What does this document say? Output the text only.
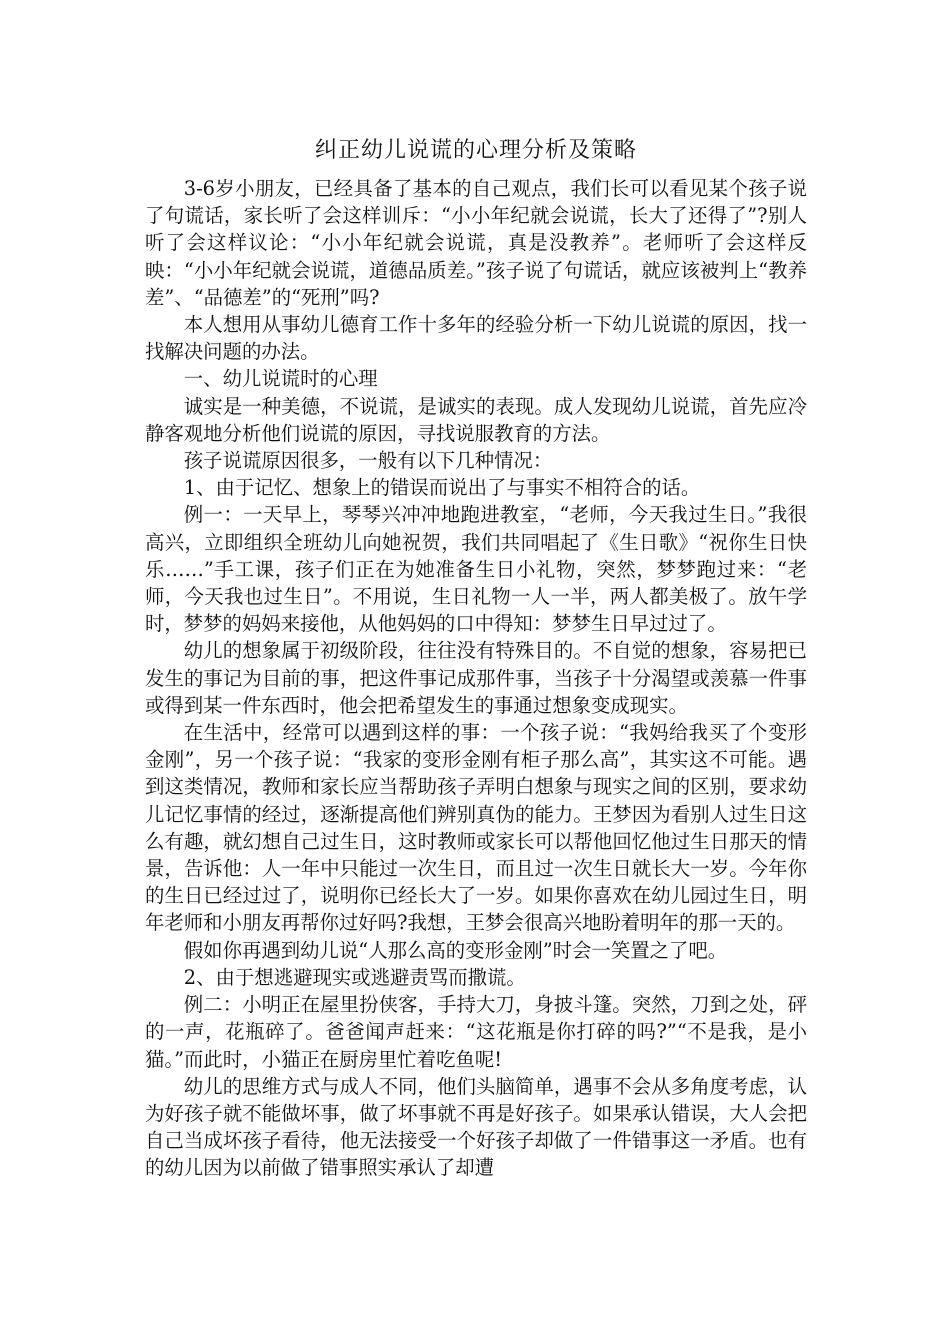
纠正幼儿说谎的心理分析及策略

3-6岁小朋友，已经具备了基本的自己观点，我们长可以看见某个孩子说了句谎话，家长听了会这样训斥：“小小年纪就会说谎，长大了还得了”?别人听了会这样议论：“小小年纪就会说谎，真是没教养”。老师听了会这样反映：“小小年纪就会说谎，道德品质差。”孩子说了句谎话，就应该被判上“教养差”、“品德差”的“死刑”吗?

本人想用从事幼儿德育工作十多年的经验分析一下幼儿说谎的原因，找一找解决问题的办法。

一、幼儿说谎时的心理

诚实是一种美德，不说谎，是诚实的表现。成人发现幼儿说谎，首先应冷静客观地分析他们说谎的原因，寻找说服教育的方法。

孩子说谎原因很多，一般有以下几种情况：

1、由于记忆、想象上的错误而说出了与事实不相符合的话。

例一：一天早上，琴琴兴冲冲地跑进教室，“老师，今天我过生日。”我很高兴，立即组织全班幼儿向她祝贺，我们共同唱起了《生日歌》“祝你生日快乐……”手工课，孩子们正在为她准备生日小礼物，突然，梦梦跑过来：“老师，今天我也过生日”。不用说，生日礼物一人一半，两人都美极了。放午学时，梦梦的妈妈来接他，从他妈妈的口中得知：梦梦生日早过过了。

幼儿的想象属于初级阶段，往往没有特殊目的。不自觉的想象，容易把已发生的事记为目前的事，把这件事记成那件事，当孩子十分渴望或羡慕一件事或得到某一件东西时，他会把希望发生的事通过想象变成现实。

在生活中，经常可以遇到这样的事：一个孩子说：“我妈给我买了个变形金刚”，另一个孩子说：“我家的变形金刚有柜子那么高”，其实这不可能。遇到这类情况，教师和家长应当帮助孩子弄明白想象与现实之间的区别，要求幼儿记忆事情的经过，逐渐提高他们辨别真伪的能力。王梦因为看别人过生日这么有趣，就幻想自己过生日，这时教师或家长可以帮他回忆他过生日那天的情景，告诉他：人一年中只能过一次生日，而且过一次生日就长大一岁。今年你的生日已经过过了，说明你已经长大了一岁。如果你喜欢在幼儿园过生日，明年老师和小朋友再帮你过好吗?我想，王梦会很高兴地盼着明年的那一天的。

假如你再遇到幼儿说“人那么高的变形金刚”时会一笑置之了吧。

2、由于想逃避现实或逃避责骂而撒谎。

例二：小明正在屋里扮侠客，手持大刀，身披斗篷。突然，刀到之处，砰的一声，花瓶碎了。爸爸闻声赶来：“这花瓶是你打碎的吗?”“不是我，是小猫。”而此时，小猫正在厨房里忙着吃鱼呢!

幼儿的思维方式与成人不同，他们头脑简单，遇事不会从多角度考虑，认为好孩子就不能做坏事，做了坏事就不再是好孩子。如果承认错误，大人会把自己当成坏孩子看待，他无法接受一个好孩子却做了一件错事这一矛盾。也有的幼儿因为以前做了错事照实承认了却遭
